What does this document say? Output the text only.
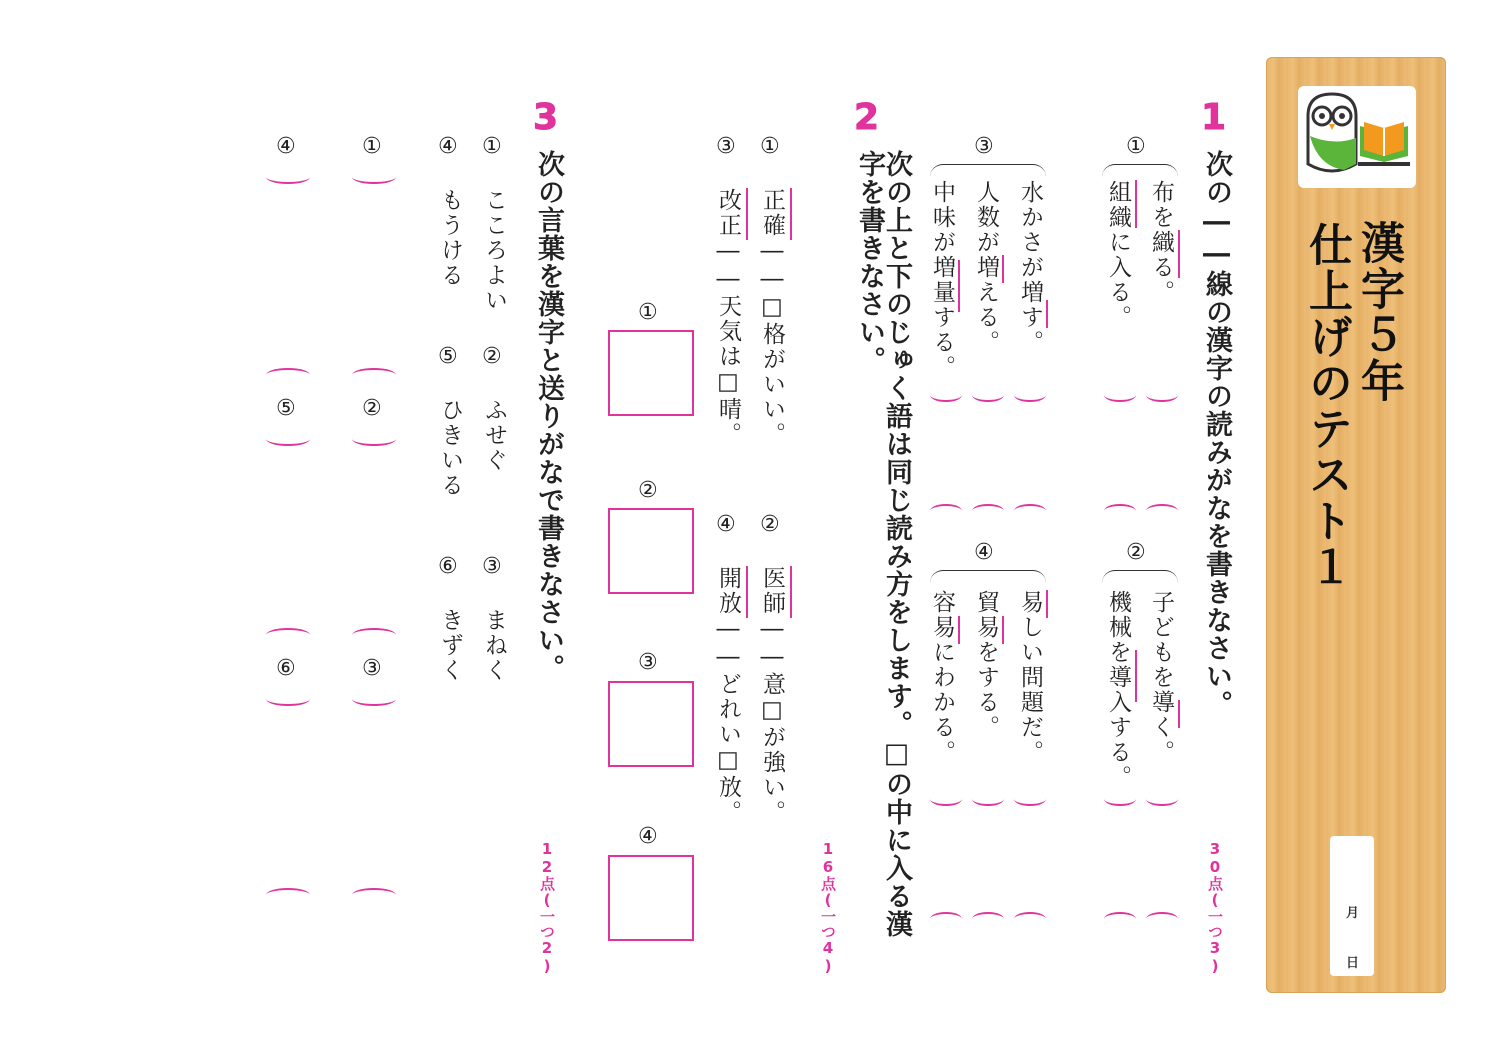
漢字５年
仕上げのテスト１
月
日
1
次の――線の漢字の読みがなを書きなさい。
30点(一つ3)
①
布を織る。
組織に入る。
②
子どもを導く。
機械を導入する。
③
水かさが増す。
人数が増える。
中味が増量する。
④
易しい問題だ。
貿易をする。
容易にわかる。
2
次の上と下のじゅく語は同じ読み方をします。□の中に入る漢字を書きなさい。
16点(一つ4)
①
正確――□格がいい。
②
医師――意□が強い。
③
改正――天気は□晴。
④
開放――どれい□放。
①
②
③
④
3
次の言葉を漢字と送りがなで書きなさい。
12点(一つ2)
①
こころよい
②
ふせぐ
③
まねく
④
もうける
⑤
ひきいる
⑥
きずく
①
②
③
④
⑤
⑥
